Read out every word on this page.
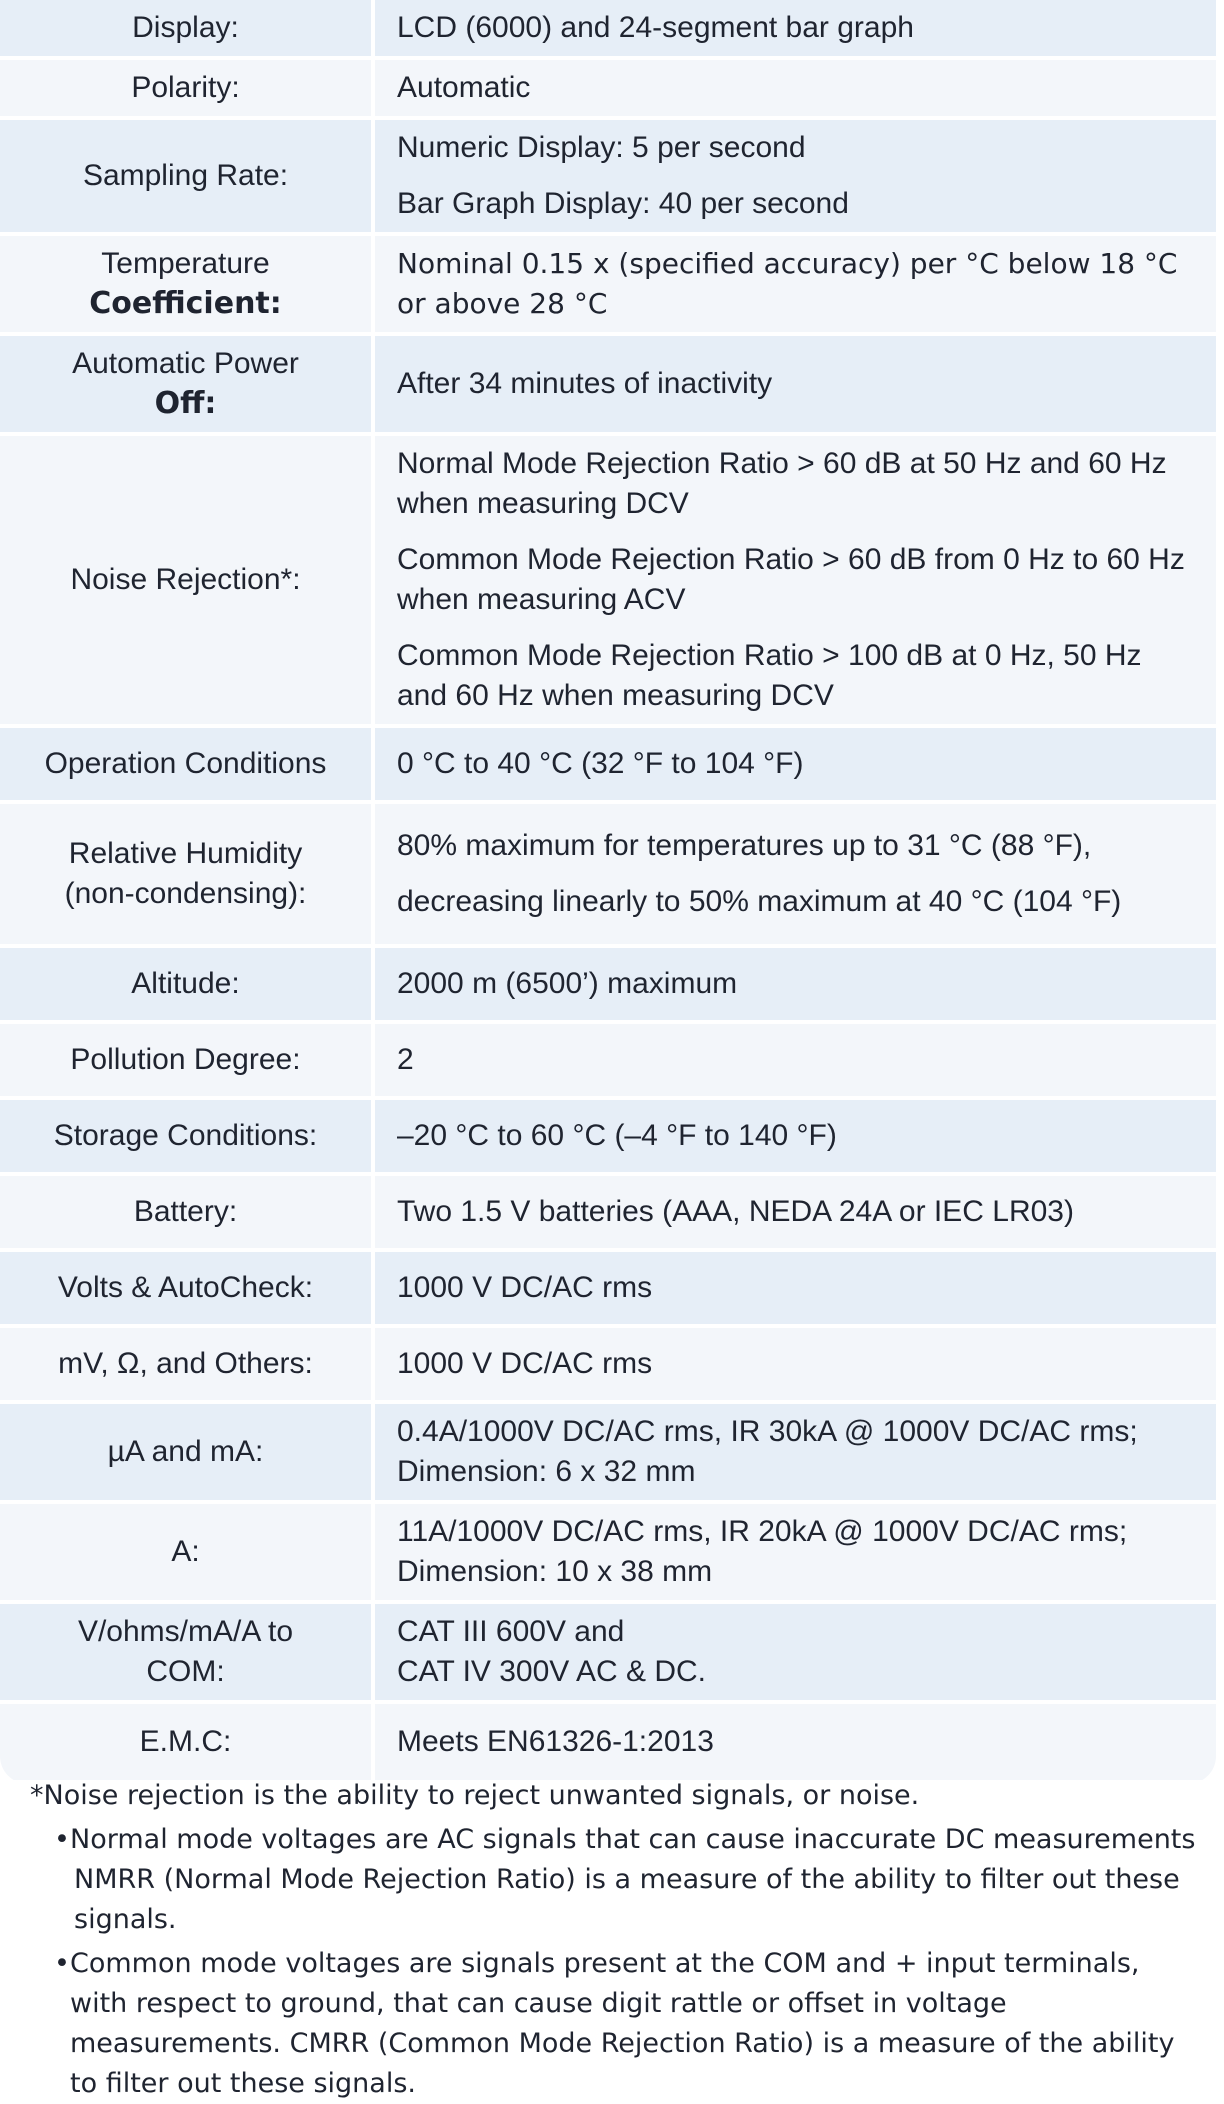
Display:	LCD (6000) and 24-segment bar graph

Polarity:	Automatic

Sampling Rate:	Numeric Display: 5 per second
Bar Graph Display: 40 per second

Temperature
Coefficient:	Nominal 0.15 x (specified accuracy) per °C below 18 °C or above 28 °C

Automatic Power
Off:	After 34 minutes of inactivity

Noise Rejection*:	Normal Mode Rejection Ratio > 60 dB at 50 Hz and 60 Hz when measuring DCV
Common Mode Rejection Ratio > 60 dB from 0 Hz to 60 Hz when measuring ACV
Common Mode Rejection Ratio > 100 dB at 0 Hz, 50 Hz and 60 Hz when measuring DCV

Operation Conditions	0 °C to 40 °C (32 °F to 104 °F)

Relative Humidity
(non-condensing):	80% maximum for temperatures up to 31 °C (88 °F),
decreasing linearly to 50% maximum at 40 °C (104 °F)

Altitude:	2000 m (6500’) maximum

Pollution Degree:	2

Storage Conditions:	–20 °C to 60 °C (–4 °F to 140 °F)

Battery:	Two 1.5 V batteries (AAA, NEDA 24A or IEC LR03)

Volts & AutoCheck:	1000 V DC/AC rms

mV, Ω, and Others:	1000 V DC/AC rms

µA and mA:	0.4A/1000V DC/AC rms, IR 30kA @ 1000V DC/AC rms; Dimension: 6 x 32 mm

A:	11A/1000V DC/AC rms, IR 20kA @ 1000V DC/AC rms; Dimension: 10 x 38 mm

V/ohms/mA/A to
COM:	CAT III 600V and
CAT IV 300V AC & DC.

E.M.C:	Meets EN61326-1:2013
*Noise rejection is the ability to reject unwanted signals, or noise.
• Normal mode voltages are AC signals that can cause inaccurate DC measurements
NMRR (Normal Mode Rejection Ratio) is a measure of the ability to filter out these signals.
• Common mode voltages are signals present at the COM and + input terminals, with respect to ground, that can cause digit rattle or offset in voltage measurements. CMRR (Common Mode Rejection Ratio) is a measure of the ability to filter out these signals.
